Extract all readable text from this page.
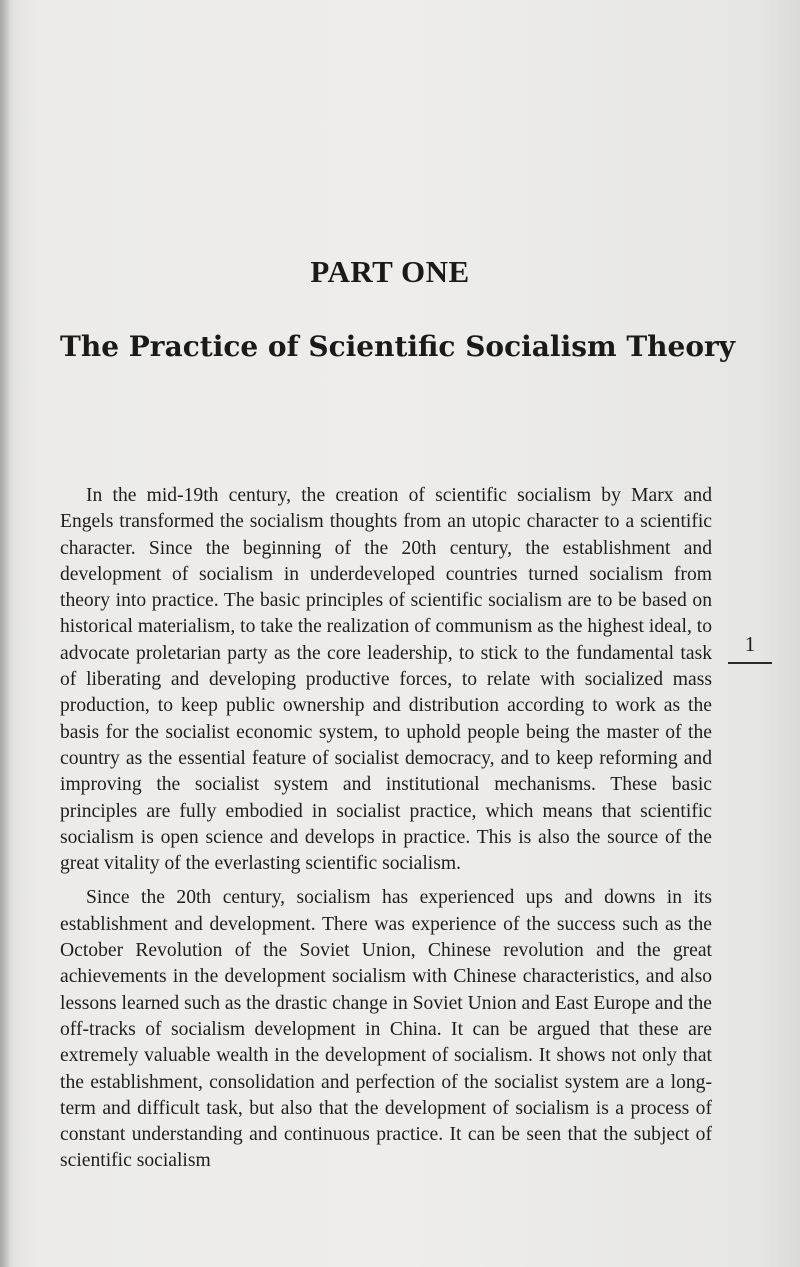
PART ONE
The Practice of Scientific Socialism Theory

In the mid-19th century, the creation of scientific socialism by Marx and Engels transformed the socialism thoughts from an utopic character to a scientific character. Since the beginning of the 20th century, the establishment and development of socialism in underdeveloped countries turned socialism from theory into practice. The basic principles of scientific socialism are to be based on historical materialism, to take the realization of communism as the highest ideal, to advocate proletarian party as the core leadership, to stick to the fundamental task of liberating and developing productive forces, to relate with socialized mass production, to keep public ownership and distribution according to work as the basis for the socialist economic system, to uphold people being the master of the country as the essential feature of socialist democracy, and to keep reforming and improving the socialist system and institutional mechanisms. These basic principles are fully embodied in socialist practice, which means that scientific socialism is open science and develops in practice. This is also the source of the great vitality of the everlasting scientific socialism.

Since the 20th century, socialism has experienced ups and downs in its establishment and development. There was experience of the success such as the October Revolution of the Soviet Union, Chinese revolution and the great achievements in the development socialism with Chinese characteristics, and also lessons learned such as the drastic change in Soviet Union and East Europe and the off-tracks of socialism development in China. It can be argued that these are extremely valuable wealth in the development of socialism. It shows not only that the establishment, consolidation and perfection of the socialist system are a long-term and difficult task, but also that the development of socialism is a process of constant understanding and continuous practice. It can be seen that the subject of scientific socialism

1
